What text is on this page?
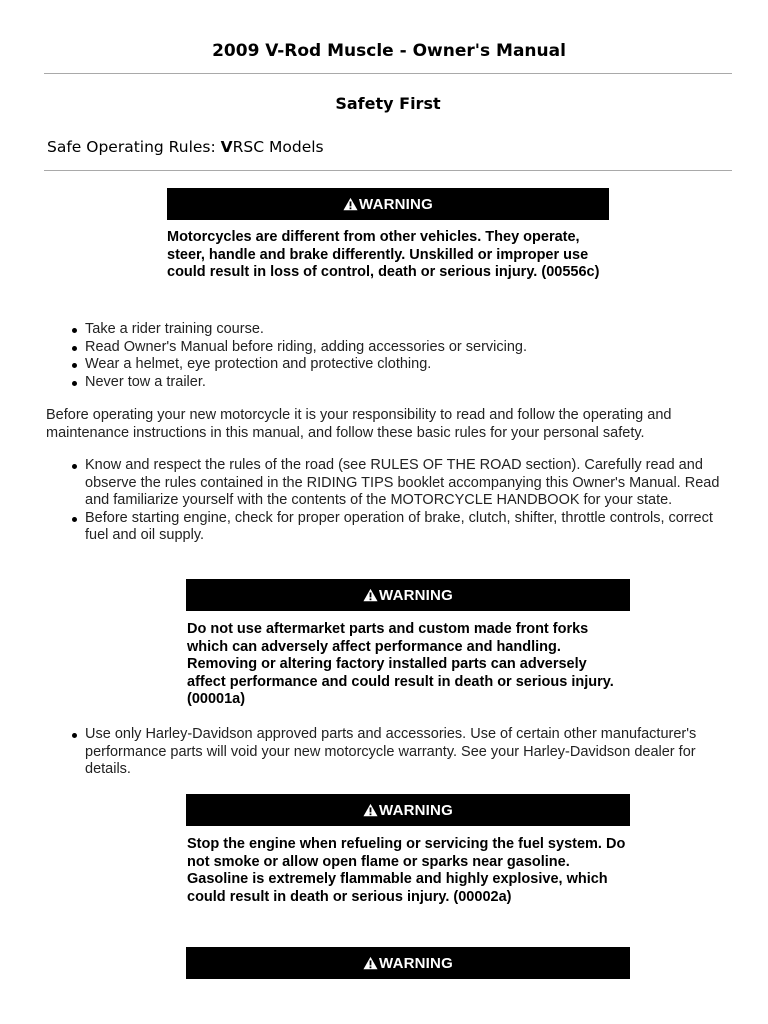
2009 V-Rod Muscle - Owner's Manual
Safety First
Safe Operating Rules: VRSC Models
WARNING
Motorcycles are different from other vehicles. They operate, steer, handle and brake differently. Unskilled or improper use could result in loss of control, death or serious injury. (00556c)
Take a rider training course.
Read Owner's Manual before riding, adding accessories or servicing.
Wear a helmet, eye protection and protective clothing.
Never tow a trailer.

Before operating your new motorcycle it is your responsibility to read and follow the operating and maintenance instructions in this manual, and follow these basic rules for your personal safety.

Know and respect the rules of the road (see RULES OF THE ROAD section). Carefully read and observe the rules contained in the RIDING TIPS booklet accompanying this Owner's Manual. Read and familiarize yourself with the contents of the MOTORCYCLE HANDBOOK for your state.
Before starting engine, check for proper operation of brake, clutch, shifter, throttle controls, correct fuel and oil supply.
WARNING
Do not use aftermarket parts and custom made front forks which can adversely affect performance and handling. Removing or altering factory installed parts can adversely affect performance and could result in death or serious injury. (00001a)
Use only Harley-Davidson approved parts and accessories. Use of certain other manufacturer's performance parts will void your new motorcycle warranty. See your Harley-Davidson dealer for details.
WARNING
Stop the engine when refueling or servicing the fuel system. Do not smoke or allow open flame or sparks near gasoline. Gasoline is extremely flammable and highly explosive, which could result in death or serious injury. (00002a)
WARNING
